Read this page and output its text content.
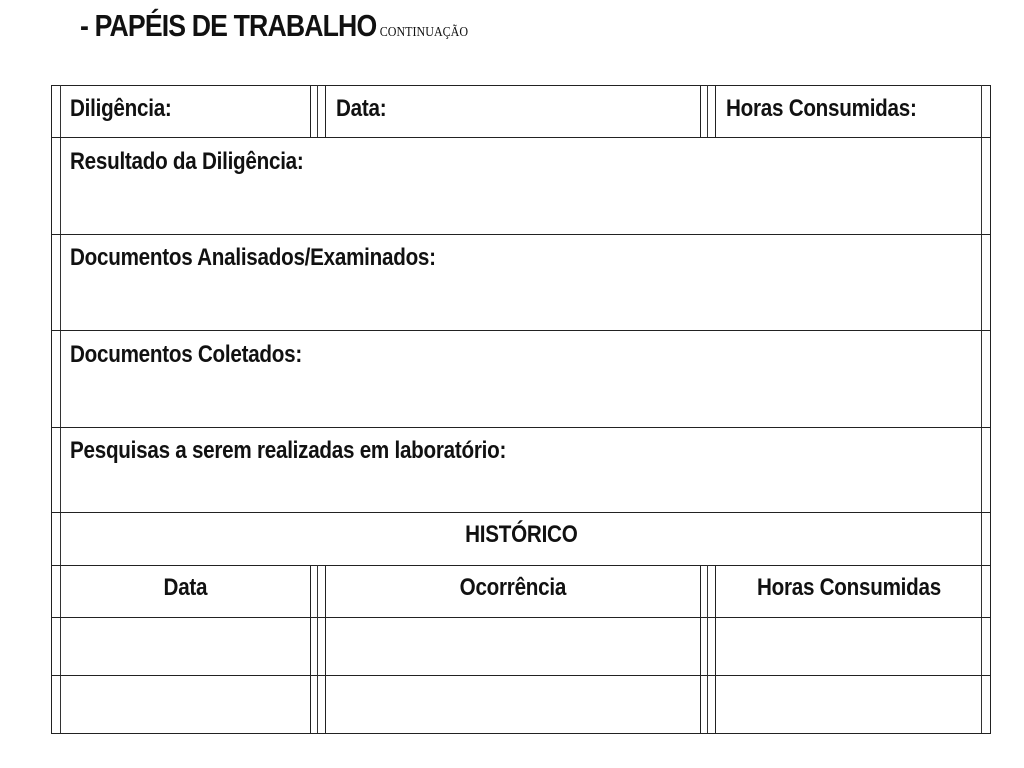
- PAPÉIS DE TRABALHO CONTINUAÇÃO
Diligência:	Data:	Horas Consumidas:
Resultado da Diligência:
Documentos Analisados/Examinados:
Documentos Coletados:
Pesquisas a serem realizadas em laboratório:
HISTÓRICO
Data	Ocorrência	Horas Consumidas
